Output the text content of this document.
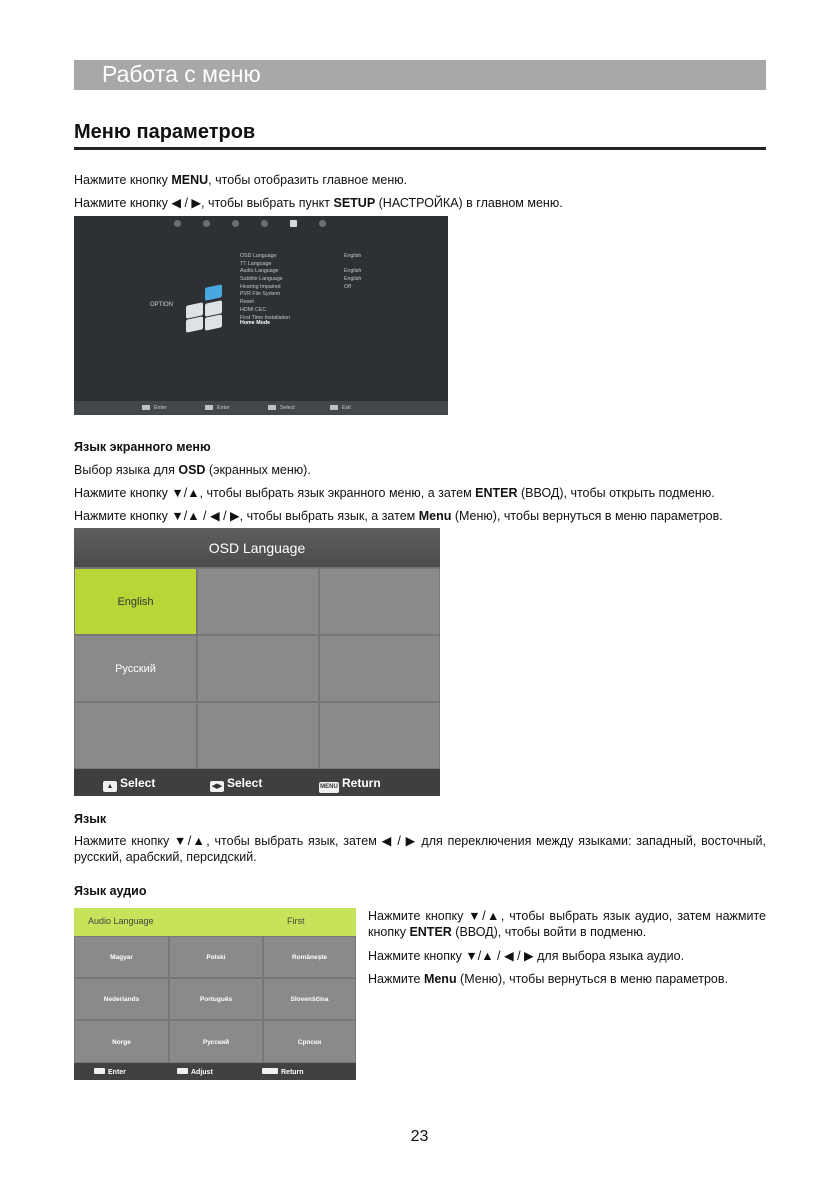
Работа с меню
Меню параметров
Нажмите кнопку MENU, чтобы отобразить главное меню.
Нажмите кнопку ◀ / ▶, чтобы выбрать пункт SETUP (НАСТРОЙКА) в главном меню.
OPTION
OSD Language	English
TT Language
Audio Language	English
Subtitle Language	English
Hearing Impaired	Off
PVR File System
Reset
HDMI CEC
First Time Installation
Home Mode
Enter	Enter	Select	Exit
Язык экранного меню
Выбор языка для OSD (экранных меню).
Нажмите кнопку ▼/▲, чтобы выбрать язык экранного меню, а затем ENTER (ВВОД), чтобы открыть подменю.
Нажмите кнопку ▼/▲ / ◀ / ▶, чтобы выбрать язык, а затем Menu (Меню), чтобы вернуться в меню параметров.
OSD Language
English
Русский
▲ Select	◀▶ Select	MENU Return
Язык
Нажмите кнопку ▼/▲, чтобы выбрать язык, затем ◀ / ▶ для переключения между языками: западный, восточный, русский, арабский, персидский.
Язык аудио
Audio Language	First
Magyar	Polski	Românește
Nederlands	Português	Slovenščina
Norge	Русский	Српски
Enter	Adjust	Return
Нажмите кнопку ▼/▲, чтобы выбрать язык аудио, затем нажмите кнопку ENTER (ВВОД), чтобы войти в подменю.
Нажмите кнопку ▼/▲ / ◀ / ▶ для выбора языка аудио.
Нажмите Menu (Меню), чтобы вернуться в меню параметров.
23
